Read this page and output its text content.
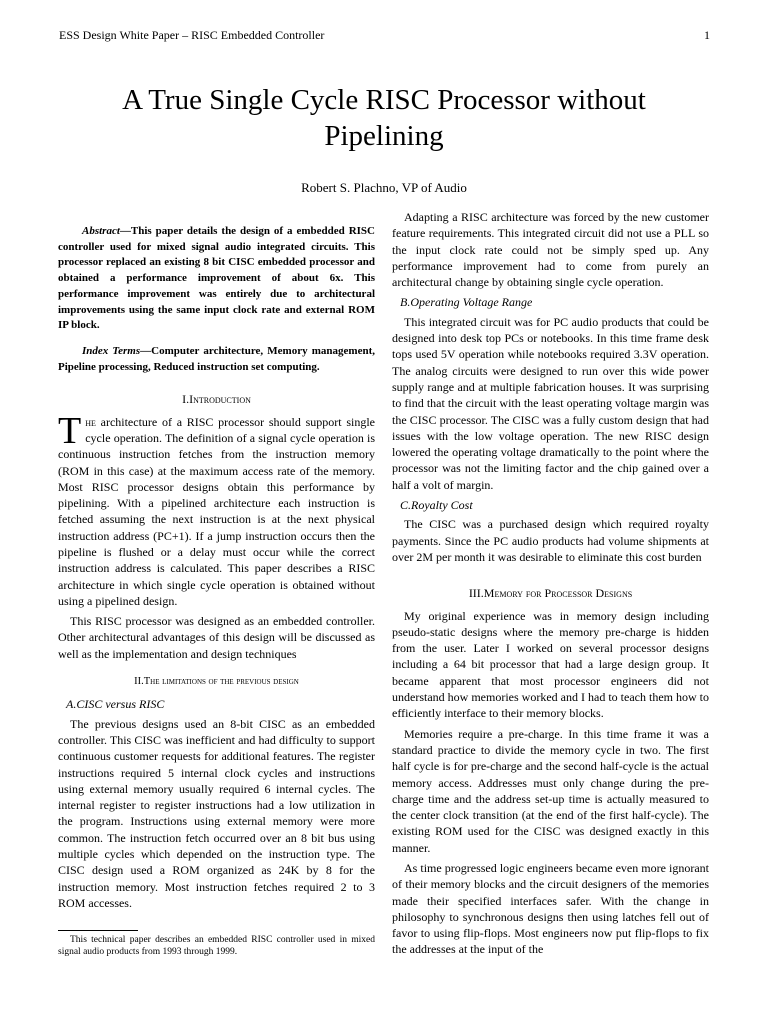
ESS Design White Paper – RISC Embedded Controller	1
A True Single Cycle RISC Processor without Pipelining
Robert S. Plachno, VP of Audio

Abstract—This paper details the design of a embedded RISC controller used for mixed signal audio integrated circuits. This processor replaced an existing 8 bit CISC embedded processor and obtained a performance improvement of about 6x. This performance improvement was entirely due to architectural improvements using the same input clock rate and external ROM IP block.

Index Terms—Computer architecture, Memory management, Pipeline processing, Reduced instruction set computing.

I.Introduction

The architecture of a RISC processor should support single cycle operation. The definition of a signal cycle operation is continuous instruction fetches from the instruction memory (ROM in this case) at the maximum access rate of the memory. Most RISC processor designs obtain this performance by pipelining. With a pipelined architecture each instruction is fetched assuming the next instruction is at the next physical instruction address (PC+1). If a jump instruction occurs then the pipeline is flushed or a delay must occur while the correct instruction address is calculated. This paper describes a RISC architecture in which single cycle operation is obtained without using a pipelined design.

This RISC processor was designed as an embedded controller. Other architectural advantages of this design will be discussed as well as the implementation and design techniques

II.The limitations of the previous design
A.CISC versus RISC

The previous designs used an 8-bit CISC as an embedded controller. This CISC was inefficient and had difficulty to support continuous customer requests for additional features. The register instructions required 5 internal clock cycles and instructions using external memory usually required 6 internal cycles. The internal register to register instructions had a low utilization in the program. Instructions using external memory were more common. The instruction fetch occurred over an 8 bit bus using multiple cycles which depended on the instruction type. The CISC design used a ROM organized as 24K by 8 for the instruction memory. Most instruction fetches required 2 to 3 ROM accesses.

Adapting a RISC architecture was forced by the new customer feature requirements. This integrated circuit did not use a PLL so the input clock rate could not be simply sped up. Any performance improvement had to come from purely an architectural change by obtaining single cycle operation.

B.Operating Voltage Range

This integrated circuit was for PC audio products that could be designed into desk top PCs or notebooks. In this time frame desk tops used 5V operation while notebooks required 3.3V operation. The analog circuits were designed to run over this wide power supply range and at multiple fabrication houses. It was surprising to find that the circuit with the least operating voltage margin was the CISC processor. The CISC was a fully custom design that had issues with the low voltage operation. The new RISC design lowered the operating voltage dramatically to the point where the processor was not the limiting factor and the chip gained over a half a volt of margin.

C.Royalty Cost

The CISC was a purchased design which required royalty payments. Since the PC audio products had volume shipments at over 2M per month it was desirable to eliminate this cost burden

III.Memory for Processor Designs

My original experience was in memory design including pseudo-static designs where the memory pre-charge is hidden from the user. Later I worked on several processor designs including a 64 bit processor that had a large design group. It became apparent that most processor engineers did not understand how memories worked and I had to teach them how to efficiently interface to their memory blocks.

Memories require a pre-charge. In this time frame it was a standard practice to divide the memory cycle in two. The first half cycle is for pre-charge and the second half-cycle is the actual memory access. Addresses must only change during the pre-charge time and the address set-up time is actually measured to the center clock transition (at the end of the first half-cycle). The existing ROM used for the CISC was designed exactly in this manner.

As time progressed logic engineers became even more ignorant of their memory blocks and the circuit designers of the memories made their specified interfaces safer. With the change in philosophy to synchronous designs then using latches fell out of favor to using flip-flops. Most engineers now put flip-flops to fix the addresses at the input of the

This technical paper describes an embedded RISC controller used in mixed signal audio products from 1993 through 1999.
